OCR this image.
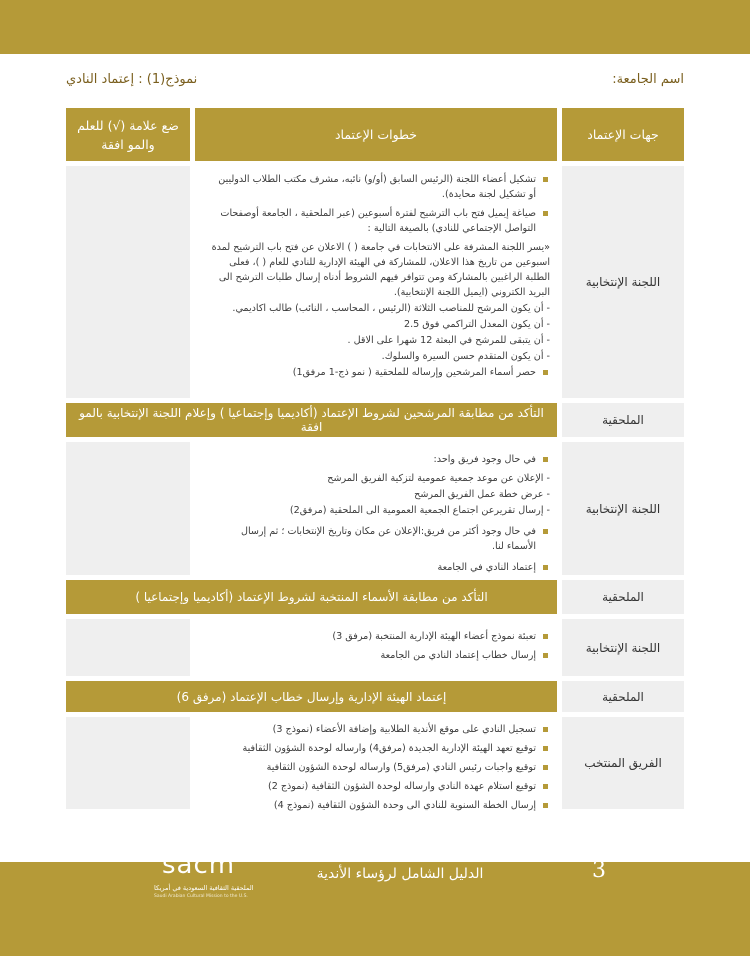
اسم الجامعة:
نموذج(1) : إعتماد النادي
جهات الإعتماد
خطوات الإعتماد
ضع علامة (√) للعلم والمو افقة
اللجنة الإنتخابية
تشكيل أعضاء اللجنة (الرئيس السابق (أو/و) نائبه، مشرف مكتب الطلاب الدوليين أو تشكيل لجنة محايدة).
صياغة إيميل فتح باب الترشيح لفترة أسبوعين (عبر الملحقية ، الجامعة أوصفحات التواصل الإجتماعي للنادي) بالصيغة التالية :
«يسر اللجنة المشرفة على الانتخابات في جامعة ( ) الاعلان عن فتح باب الترشيح لمدة اسبوعين من تاريخ هذا الاعلان، للمشاركة في الهيئة الإدارية للنادي للعام ( )، فعلى الطلبة الراغبين بالمشاركة ومن تتوافر فيهم الشروط أدناه إرسال طلبات الترشح الى البريد الكتروني (ايميل اللجنة الإنتخابية).
- أن يكون المرشح للمناصب الثلاثة (الرئيس ، المحاسب ، النائب) طالب اكاديمي.
- أن يكون المعدل التراكمي فوق 2.5
- أن يتبقى للمرشح في البعثة 12 شهرا على الاقل .
- أن يكون المتقدم حسن السيرة والسلوك.
حصر أسماء المرشحين وإرساله للملحقية ( نمو ذج-1 مرفق1)
الملحقية
التأكد من مطابقة المرشحين لشروط الإعتماد (أكاديميا وإجتماعيا ) وإعلام اللجنة الإنتخابية بالمو افقة
اللجنة الإنتخابية
في حال وجود فريق واحد:
- الإعلان عن موعد جمعية عمومية لتزكية الفريق المرشح
- عرض خطة عمل الفريق المرشح
- إرسال تقريرعن اجتماع الجمعية العمومية الى الملحقية (مرفق2)
في حال وجود أكثر من فريق:الإعلان عن مكان وتاريخ الإنتخابات ؛ ثم إرسال الأسماء لنا.
إعتماد النادي في الجامعة
الملحقية
التأكد من مطابقة الأسماء المنتخبة لشروط الإعتماد (أكاديميا وإجتماعيا )
اللجنة الإنتخابية
تعبئة نموذج أعضاء الهيئة الإدارية المنتخبة (مرفق 3)
إرسال خطاب إعتماد النادي من الجامعة
الملحقية
إعتماد الهيئة الإدارية وإرسال خطاب الإعتماد (مرفق 6)
الفريق المنتخب
تسجيل النادي على موقع الأندية الطلابية وإضافة الأعضاء (نموذج 3)
توقيع تعهد الهيئة الإدارية الجديدة (مرفق4) وارساله لوحدة الشؤون الثقافية
توقيع واجبات رئيس النادي (مرفق5) وارساله لوحدة الشؤون الثقافية
توقيع استلام عهدة النادي وارساله لوحدة الشؤون الثقافية (نموذج 2)
إرسال الخطة السنوية للنادي الى وحدة الشؤون الثقافية (نموذج 4)
3
الدليل الشامل لرؤساء الأندية
sacm
الملحقية الثقافية السعودية في أمريكا
Saudi Arabian Cultural Mission to the U.S.
